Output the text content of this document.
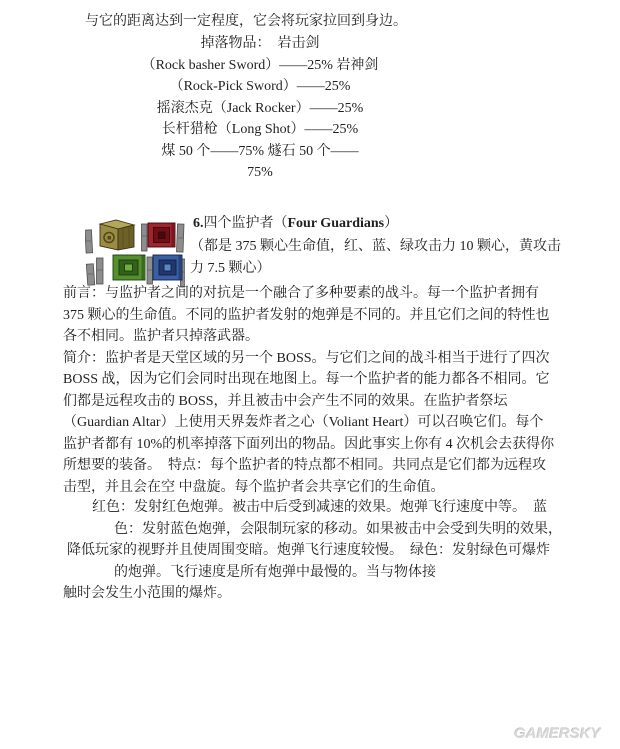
与它的距离达到一定程度，它会将玩家拉回到身边。
掉落物品：　岩击剑
（Rock basher Sword）——25% 岩神剑
（Rock-Pick Sword）——25%
摇滚杰克（Jack Rocker）——25%
长杆猎枪（Long Shot）——25%
煤 50 个——75% 燧石 50 个——
75%
6.四个监护者（Four Guardians）
（都是 375 颗心生命值，红、蓝、绿攻击力 10 颗心，黄攻击
力 7.5 颗心）
前言：与监护者之间的对抗是一个融合了多种要素的战斗。每一个监护者拥有
375 颗心的生命值。不同的监护者发射的炮弹是不同的。并且它们之间的特性也
各不相同。监护者只掉落武器。
简介：监护者是天堂区域的另一个 BOSS。与它们之间的战斗相当于进行了四次
BOSS 战，因为它们会同时出现在地图上。每一个监护者的能力都各不相同。它
们都是远程攻击的 BOSS，并且被击中会产生不同的效果。在监护者祭坛
（Guardian Altar）上使用天界轰炸者之心（Voliant Heart）可以召唤它们。每个
监护者都有 10%的机率掉落下面列出的物品。因此事实上你有 4 次机会去获得你
所想要的装备。　特点：每个监护者的特点都不相同。共同点是它们都为远程攻
击型，并且会在空 中盘旋。每个监护者会共享它们的生命值。
红色：发射红色炮弹。被击中后受到减速的效果。炮弹飞行速度中等。　蓝
色：发射蓝色炮弹，会限制玩家的移动。如果被击中会受到失明的效果，
降低玩家的视野并且使周围变暗。炮弹飞行速度较慢。　绿色：发射绿色可爆炸
的炮弹。飞行速度是所有炮弹中最慢的。当与物体接
触时会发生小范围的爆炸。
GAMERSKY
